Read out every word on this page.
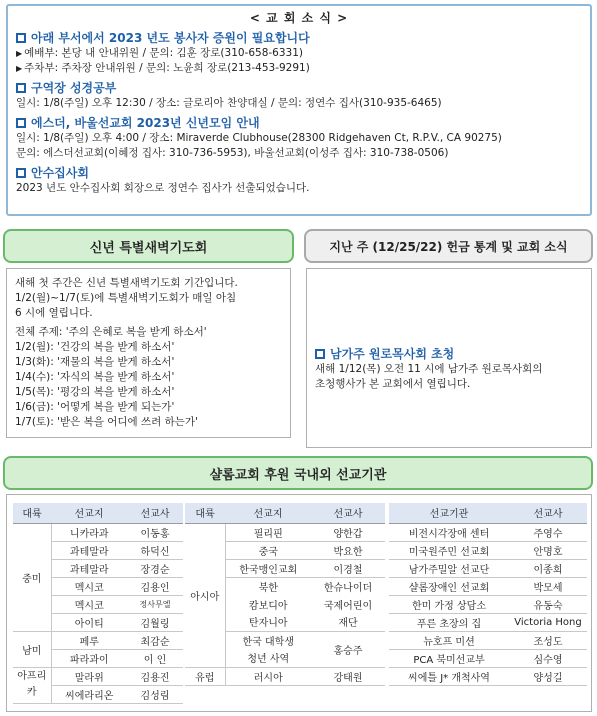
< 교 회 소 식 >
아래 부서에서 2023 년도 봉사자 증원이 필요합니다
▶ 예배부: 본당 내 안내위원 / 문의: 김훈 장로(310-658-6331)
▶ 주차부: 주차장 안내위원 / 문의: 노윤희 장로(213-453-9291)
구역장 성경공부
일시: 1/8(주일) 오후 12:30 / 장소: 글로리아 찬양대실 / 문의: 정연수 집사(310-935-6465)
에스더, 바울선교회 2023년 신년모임 안내
일시: 1/8(주일) 오후 4:00 / 장소: Miraverde Clubhouse(28300 Ridgehaven Ct, R.P.V., CA 90275)
문의: 에스더선교회(이혜정 집사: 310-736-5953), 바울선교회(이성주 집사: 310-738-0506)
안수집사회
2023 년도 안수집사회 회장으로 정연수 집사가 선출되었습니다.
신년 특별새벽기도회	지난 주 (12/25/22) 헌금 통계 및 교회 소식
새해 첫 주간은 신년 특별새벽기도회 기간입니다.
1/2(월)~1/7(토)에 특별새벽기도회가 매일 아침
6 시에 열립니다.
전체 주제: '주의 은혜로 복을 받게 하소서'
1/2(월): '건강의 복을 받게 하소서'
1/3(화): '재물의 복을 받게 하소서'
1/4(수): '자식의 복을 받게 하소서'
1/5(목): '평강의 복을 받게 하소서'
1/6(금): '어떻게 복을 받게 되는가'
1/7(토): '받은 복을 어디에 쓰려 하는가'
남가주 원로목사회 초청
새해 1/12(목) 오전 11 시에 남가주 원로목사회의
초청행사가 본 교회에서 열립니다.
샬롬교회 후원 국내외 선교기관
대륙	선교지	선교사
중미	니카라과	이동홍
	과테말라	하덕신
	과테말라	장경순
	멕시코	김용인
	멕시코	정사무엘
	아이티	김월링
남미	페루	최감순
	파라과이	이 인
아프리카	말라위	김용진
	씨에라리온	김성림
대륙	선교지	선교사
아시아	필리핀	양한갑
	중국	박요한
	한국맹인교회	이경철
	북한	한슈나이더
	캄보디아	국제어린이
	탄자니아	재단
	한국 대학생	홍승주
	청년 사역	
유럽	러시아	강태원
선교기관	선교사
비전시각장애 센터	주영수
미국원주민 선교회	안명호
남가주밀알 선교단	이종희
샬롬장애인 선교회	박모세
한미 가정 상담소	유동숙
푸른 초장의 집	Victoria Hong
뉴호프 미션	조성도
PCA 북미선교부	심수영
씨에틀 J* 개척사역	양성길
